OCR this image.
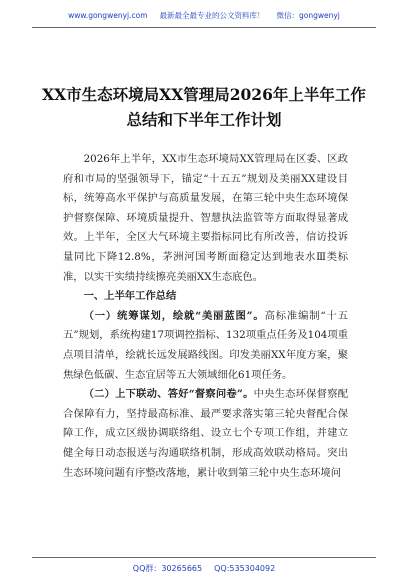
www.gongwenyj.com 最新最全最专业的公文资料库！ 微信：gongwenyj
XX市生态环境局XX管理局2026年上半年工作总结和下半年工作计划

2026年上半年，XX市生态环境局XX管理局在区委、区政府和市局的坚强领导下，锚定“十五五”规划及美丽XX建设目标，统筹高水平保护与高质量发展，在第三轮中央生态环境保护督察保障、环境质量提升、智慧执法监管等方面取得显著成效。上半年，全区大气环境主要指标同比有所改善，信访投诉量同比下降12.8%，茅洲河国考断面稳定达到地表水Ⅲ类标准，以实干实绩持续擦亮美丽XX生态底色。

一、上半年工作总结

（一）统筹谋划，绘就“美丽蓝图”。高标准编制“十五五”规划，系统构建17项调控指标、132项重点任务及104项重点项目清单，绘就长远发展路线图。印发美丽XX年度方案，聚焦绿色低碳、生态宜居等五大领域细化61项任务。

（二）上下联动、答好“督察问卷”。中央生态环保督察配合保障有力，坚持最高标准、最严要求落实第三轮央督配合保障工作，成立区级协调联络组、设立七个专项工作组，并建立健全每日动态报送与沟通联络机制，形成高效联动格局。突出生态环境问题有序整改落地，累计收到第三轮中央生态环境问

QQ群：30265665 QQ:535304092
